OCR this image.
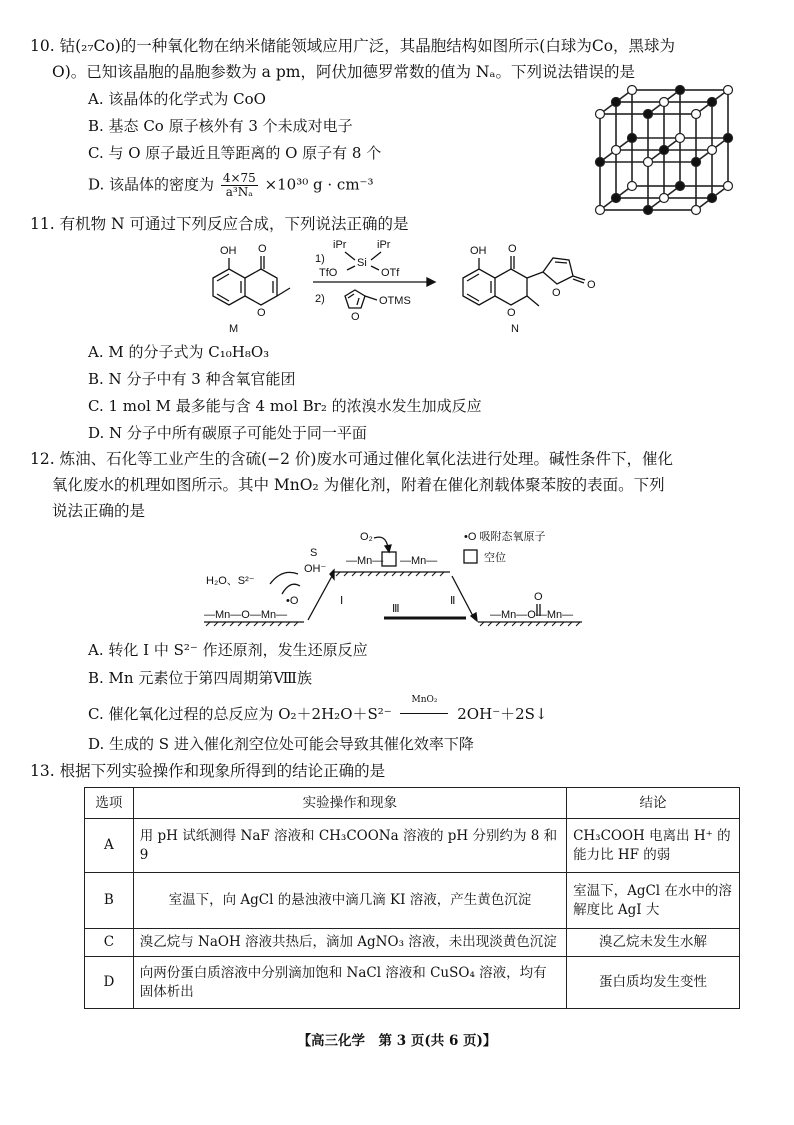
10. 钴(₂₇Co)的一种氧化物在纳米储能领域应用广泛，其晶胞结构如图所示(白球为Co，黑球为
O)。已知该晶胞的晶胞参数为 a pm，阿伏加德罗常数的值为 Nₐ。下列说法错误的是
A. 该晶体的化学式为 CoO
B. 基态 Co 原子核外有 3 个未成对电子
C. 与 O 原子最近且等距离的 O 原子有 8 个
D. 该晶体的密度为 $\frac{4\times 75}{\text{a³Nₐ}} \times 10^{30}$ g · cm⁻³
11. 有机物 N 可通过下列反应合成，下列说法正确的是
OH O
O
1)
iPr	iPr
Si
TfO	OTf
2)
O
OTMS
OH O
O
O
O
M	N
A. M 的分子式为 C₁₀H₈O₃
B. N 分子中有 3 种含氧官能团
C. 1 mol M 最多能与含 4 mol Br₂ 的浓溴水发生加成反应
D. N 分子中所有碳原子可能处于同一平面
12. 炼油、石化等工业产生的含硫(−2 价)废水可通过催化氧化法进行处理。碱性条件下，催化
氧化废水的机理如图所示。其中 MnO₂ 为催化剂，附着在催化剂载体聚苯胺的表面。下列
说法正确的是
O₂
S
OH⁻
H₂O、S²⁻
•O
—Mn—O—Mn—
—Mn— —Mn—
—Mn—O—Mn—
O
Ⅰ	Ⅱ
Ⅲ
•O 吸附态氧原子
空位
A. 转化 Ⅰ 中 S²⁻ 作还原剂，发生还原反应
B. Mn 元素位于第四周期第Ⅷ族
C. 催化氧化过程的总反应为 O₂＋2H₂O＋S²⁻
MnO₂
2OH⁻＋2S↓
D. 生成的 S 进入催化剂空位处可能会导致其催化效率下降
13. 根据下列实验操作和现象所得到的结论正确的是
选项	实验操作和现象	结论
A	用 pH 试纸测得 NaF 溶液和 CH₃COONa 溶液的 pH 分别约为 8 和 9	CH₃COOH 电离出 H⁺ 的能力比 HF 的弱
B	室温下，向 AgCl 的悬浊液中滴几滴 KI 溶液，产生黄色沉淀	室温下，AgCl 在水中的溶解度比 AgI 大
C	溴乙烷与 NaOH 溶液共热后，滴加 AgNO₃ 溶液，未出现淡黄色沉淀	溴乙烷未发生水解
D	向两份蛋白质溶液中分别滴加饱和 NaCl 溶液和 CuSO₄ 溶液，均有固体析出	蛋白质均发生变性
【高三化学　第 3 页(共 6 页)】
